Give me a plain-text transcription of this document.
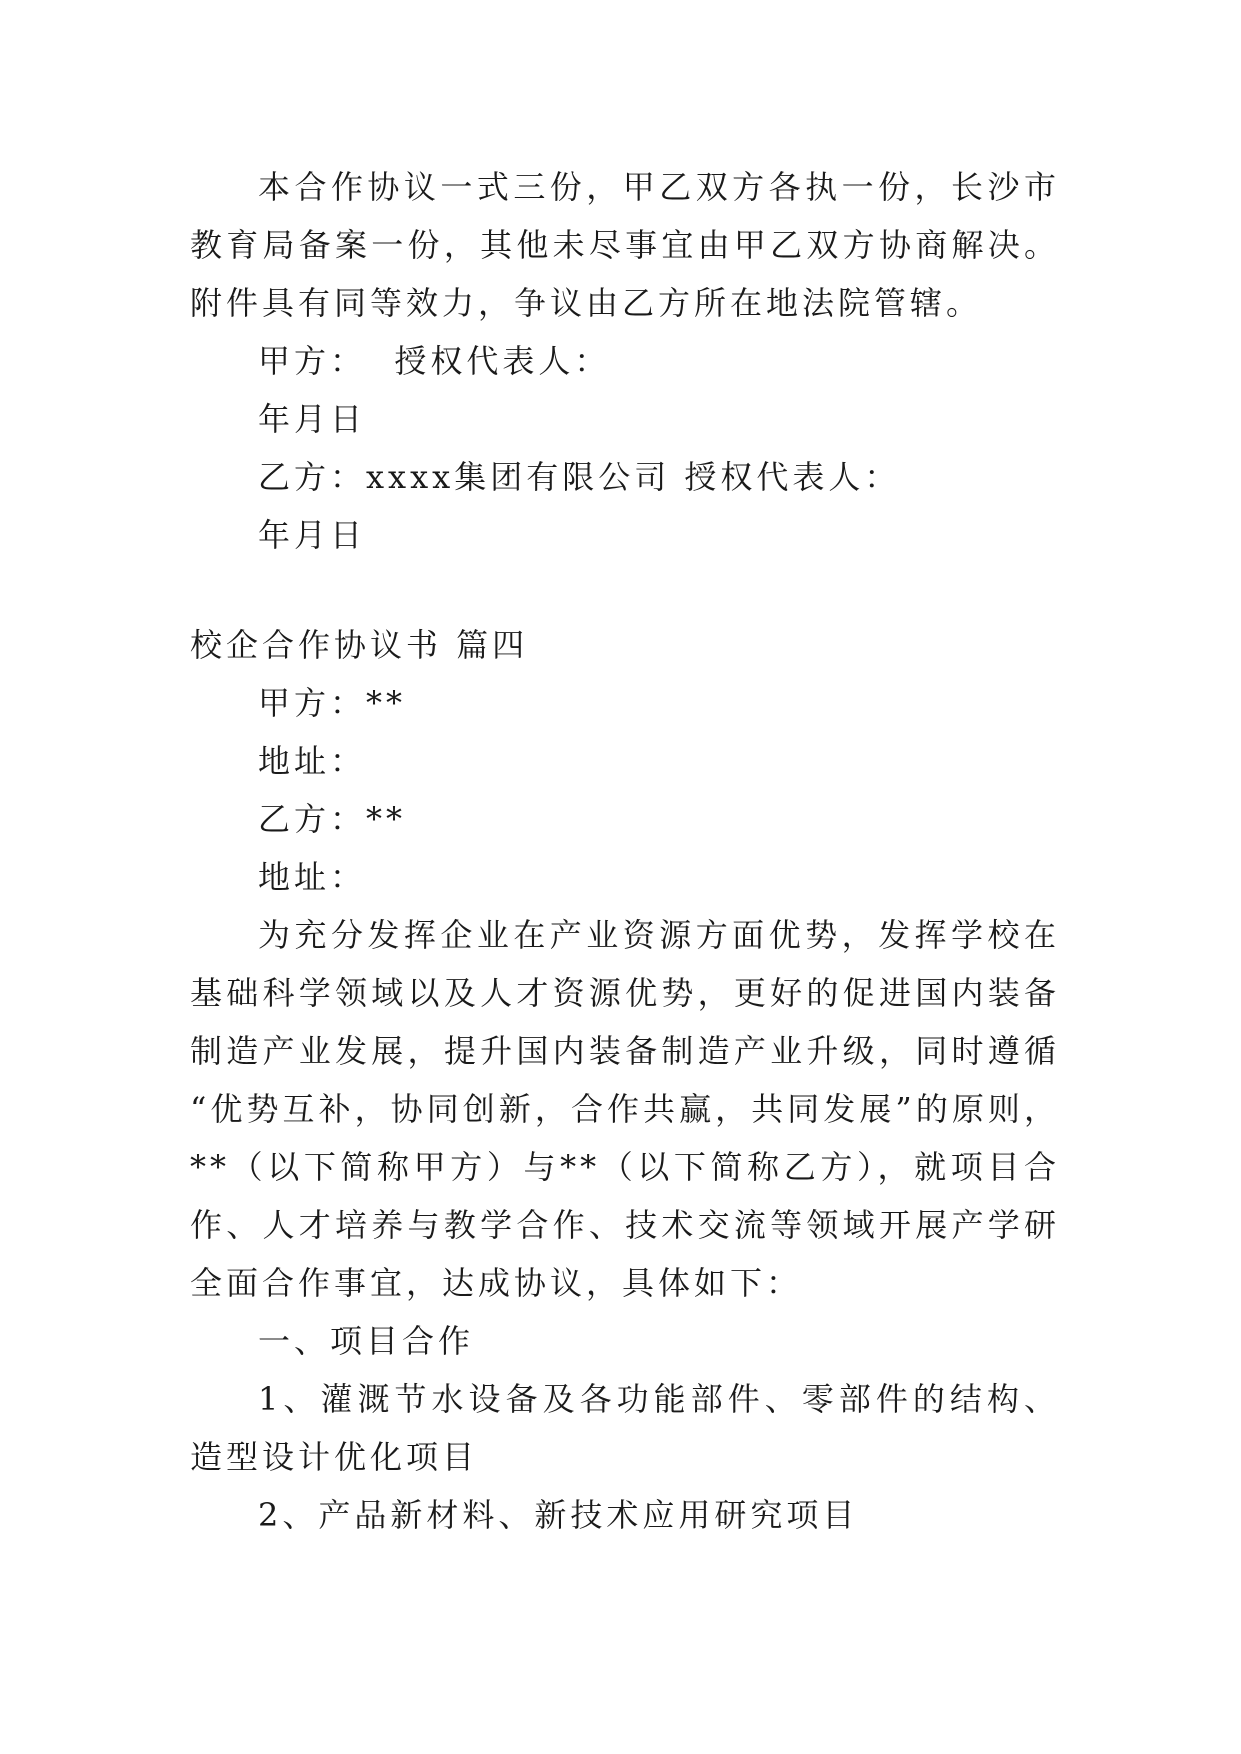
本合作协议一式三份，甲乙双方各执一份，长沙市教育局备案一份，其他未尽事宜由甲乙双方协商解决。附件具有同等效力，争议由乙方所在地法院管辖。

甲方：  授权代表人：

年月日

乙方：xxxx集团有限公司 授权代表人：

年月日

校企合作协议书 篇四

甲方：**

地址：

乙方：**

地址：

为充分发挥企业在产业资源方面优势，发挥学校在基础科学领域以及人才资源优势，更好的促进国内装备制造产业发展，提升国内装备制造产业升级，同时遵循 “优势互补，协同创新，合作共赢，共同发展”的原则，**（以下简称甲方）与**（以下简称乙方），就项目合作、人才培养与教学合作、技术交流等领域开展产学研全面合作事宜，达成协议，具体如下：

一、项目合作

1、灌溉节水设备及各功能部件、零部件的结构、造型设计优化项目

2、产品新材料、新技术应用研究项目
